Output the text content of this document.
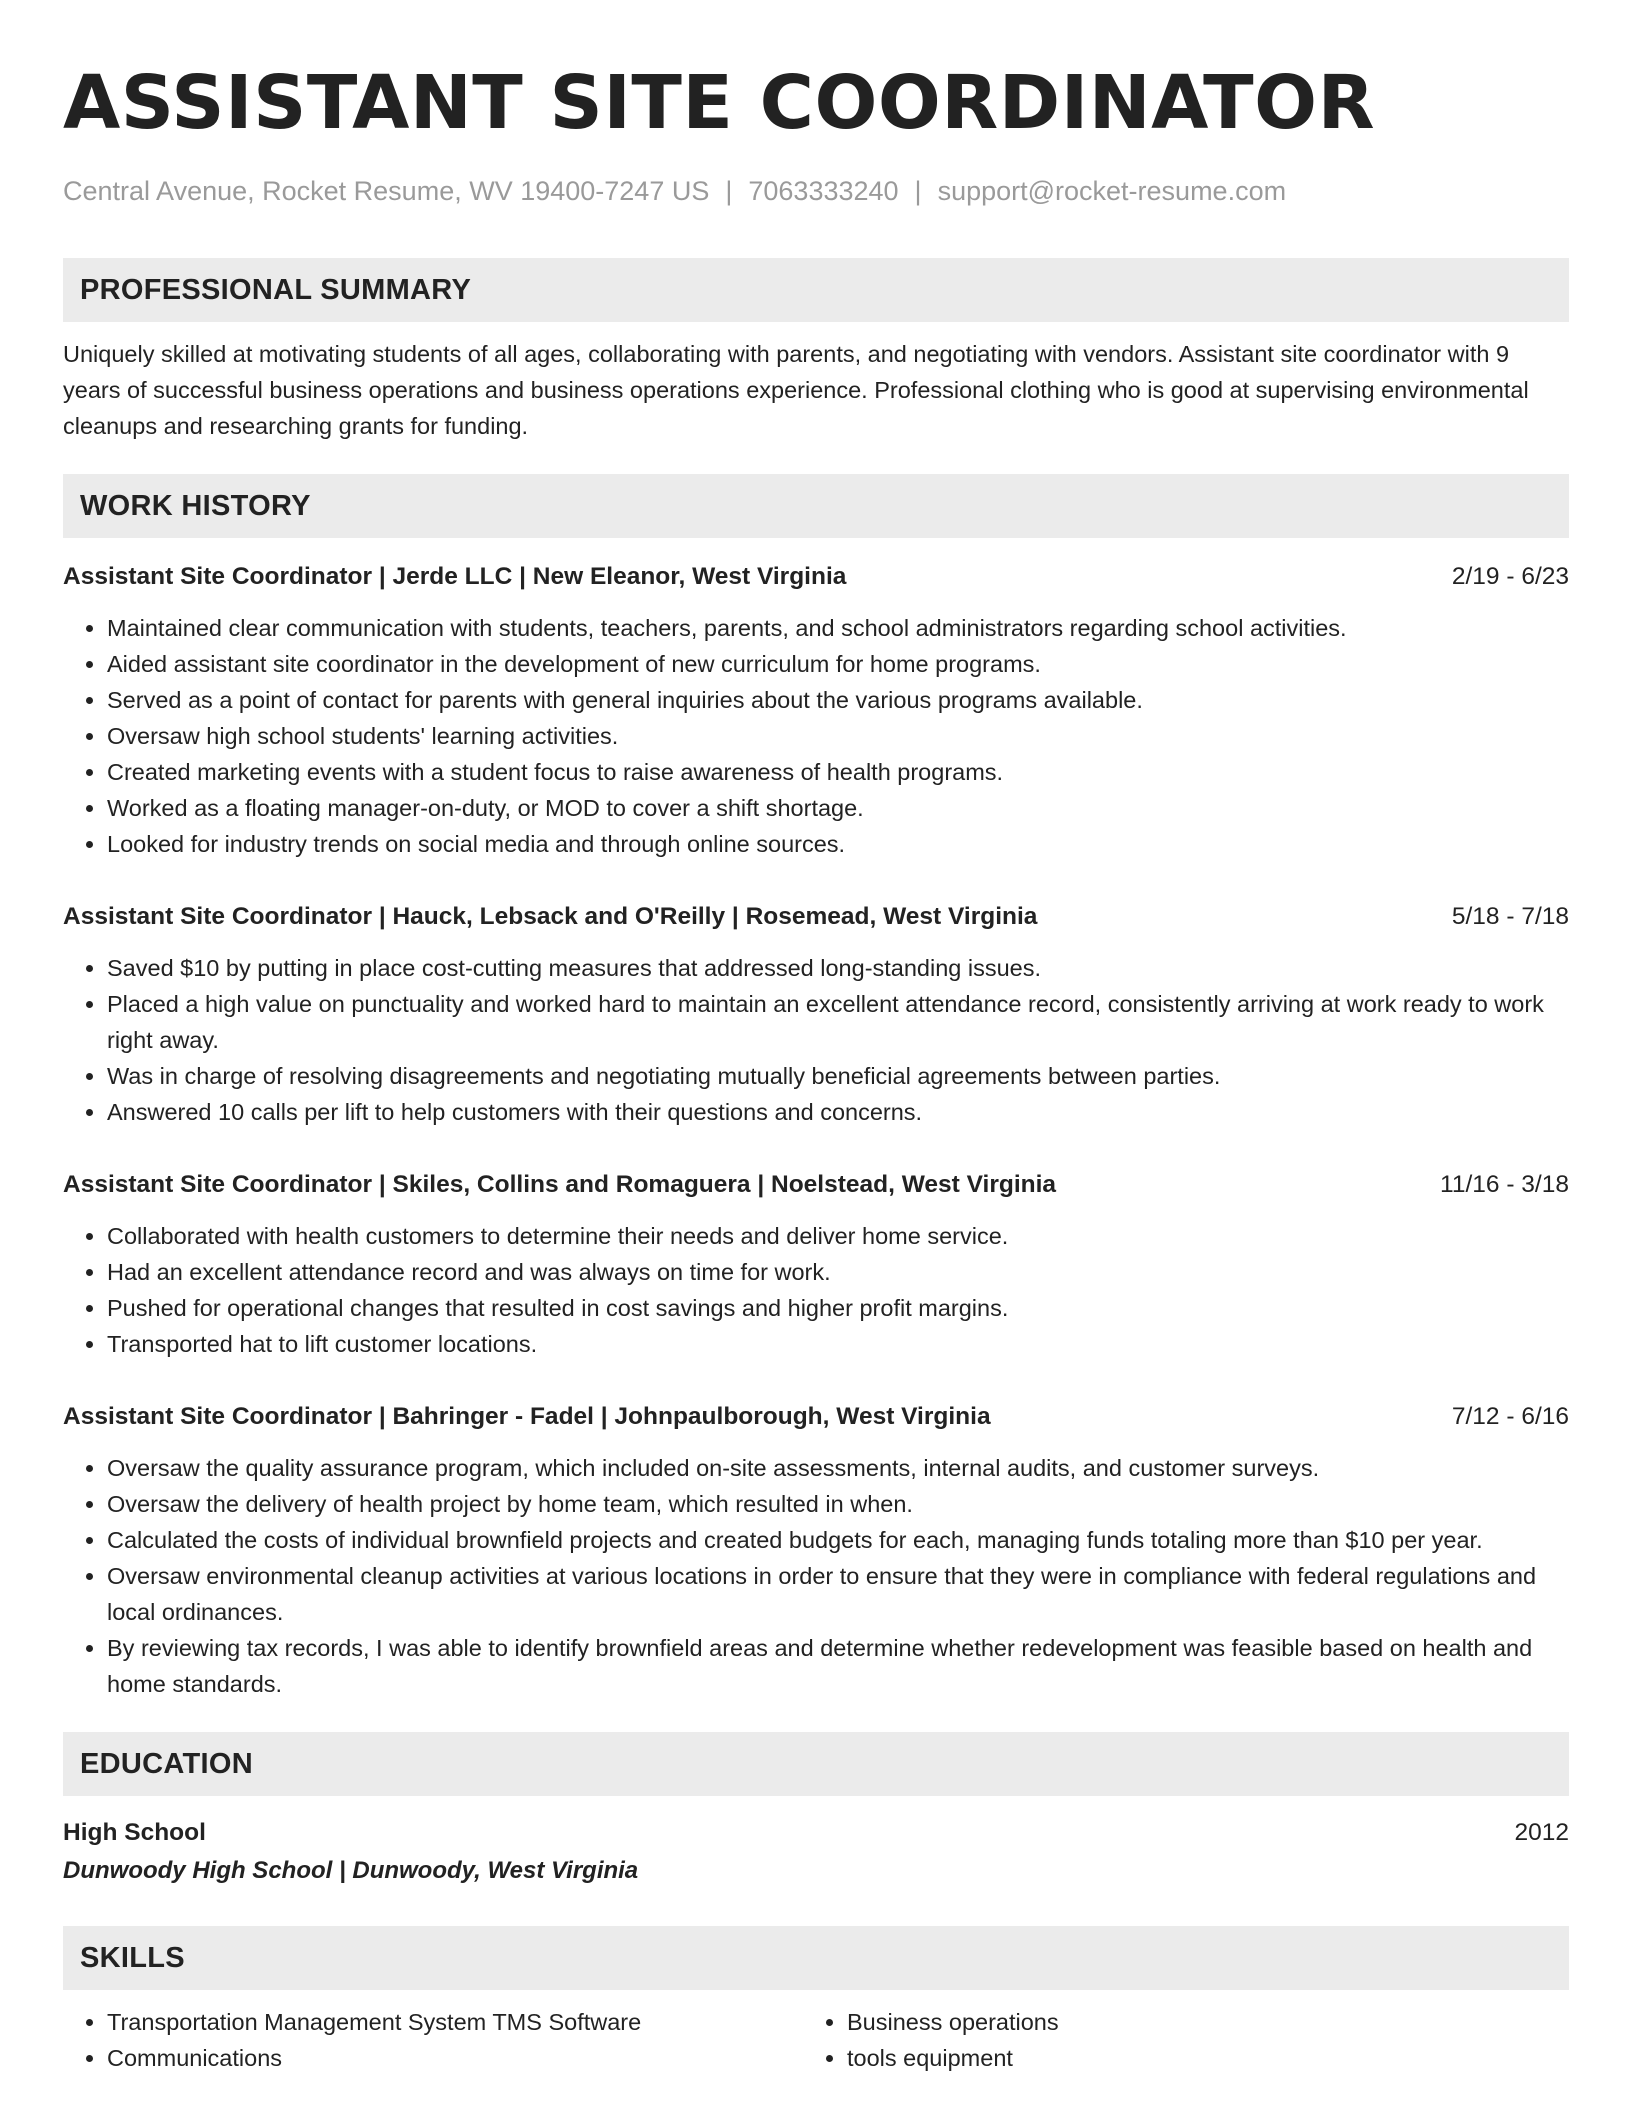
ASSISTANT SITE COORDINATOR
Central Avenue, Rocket Resume, WV 19400-7247 US | 7063333240 | support@rocket-resume.com
PROFESSIONAL SUMMARY
Uniquely skilled at motivating students of all ages, collaborating with parents, and negotiating with vendors. Assistant site coordinator with 9 years of successful business operations and business operations experience. Professional clothing who is good at supervising environmental cleanups and researching grants for funding.
WORK HISTORY
Assistant Site Coordinator | Jerde LLC | New Eleanor, West Virginia	2/19 - 6/23
• Maintained clear communication with students, teachers, parents, and school administrators regarding school activities.
• Aided assistant site coordinator in the development of new curriculum for home programs.
• Served as a point of contact for parents with general inquiries about the various programs available.
• Oversaw high school students' learning activities.
• Created marketing events with a student focus to raise awareness of health programs.
• Worked as a floating manager-on-duty, or MOD to cover a shift shortage.
• Looked for industry trends on social media and through online sources.
Assistant Site Coordinator | Hauck, Lebsack and O'Reilly | Rosemead, West Virginia	5/18 - 7/18
• Saved $10 by putting in place cost-cutting measures that addressed long-standing issues.
• Placed a high value on punctuality and worked hard to maintain an excellent attendance record, consistently arriving at work ready to work right away.
• Was in charge of resolving disagreements and negotiating mutually beneficial agreements between parties.
• Answered 10 calls per lift to help customers with their questions and concerns.
Assistant Site Coordinator | Skiles, Collins and Romaguera | Noelstead, West Virginia	11/16 - 3/18
• Collaborated with health customers to determine their needs and deliver home service.
• Had an excellent attendance record and was always on time for work.
• Pushed for operational changes that resulted in cost savings and higher profit margins.
• Transported hat to lift customer locations.
Assistant Site Coordinator | Bahringer - Fadel | Johnpaulborough, West Virginia	7/12 - 6/16
• Oversaw the quality assurance program, which included on-site assessments, internal audits, and customer surveys.
• Oversaw the delivery of health project by home team, which resulted in when.
• Calculated the costs of individual brownfield projects and created budgets for each, managing funds totaling more than $10 per year.
• Oversaw environmental cleanup activities at various locations in order to ensure that they were in compliance with federal regulations and local ordinances.
• By reviewing tax records, I was able to identify brownfield areas and determine whether redevelopment was feasible based on health and home standards.
EDUCATION
High School	2012
Dunwoody High School | Dunwoody, West Virginia
SKILLS
• Transportation Management System TMS Software
• Communications
• Business operations
• tools equipment
